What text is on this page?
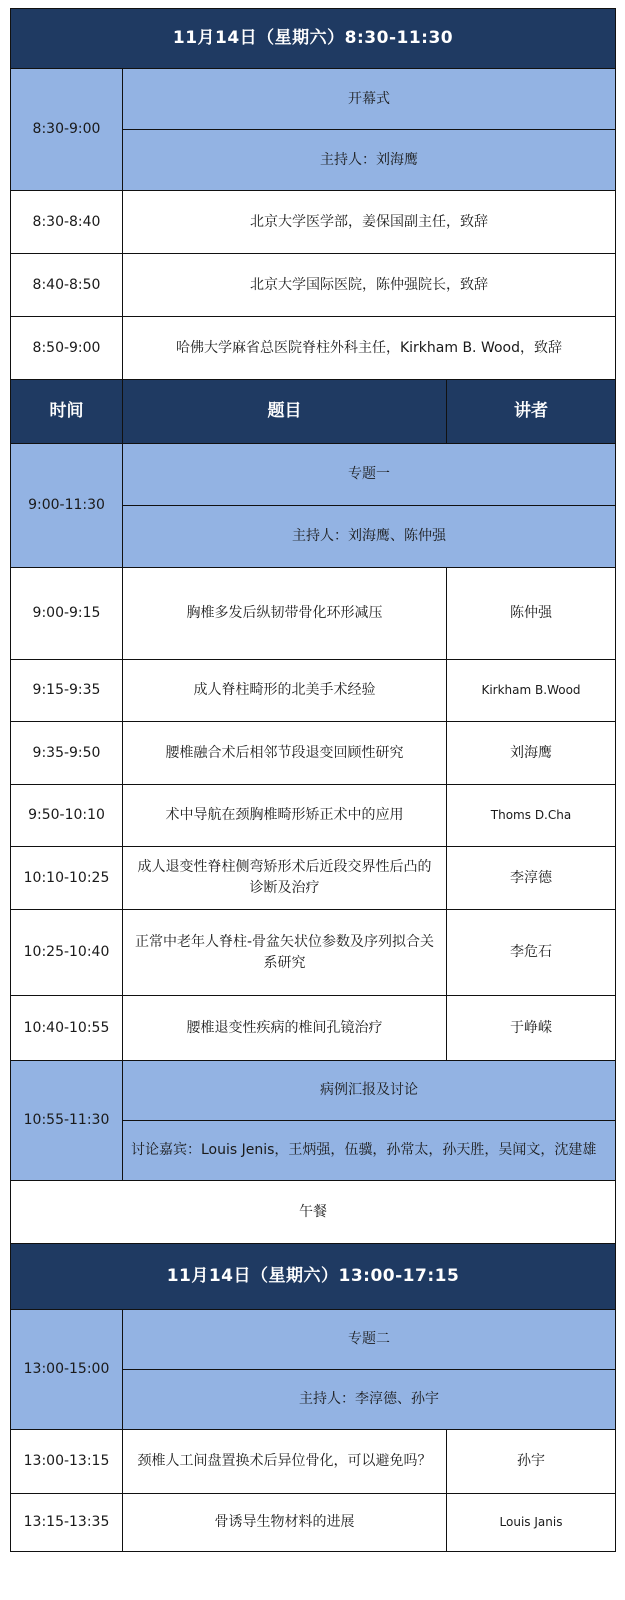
11月14日（星期六）8:30-11:30		
8:30-9:00	开幕式	
	主持人：刘海鹰	
8:30-8:40	北京大学医学部，姜保国副主任，致辞	
8:40-8:50	北京大学国际医院，陈仲强院长，致辞	
8:50-9:00	哈佛大学麻省总医院脊柱外科主任，Kirkham B. Wood，致辞	
时间	题目	讲者
9:00-11:30	专题一	
	主持人：刘海鹰、陈仲强	
9:00-9:15	胸椎多发后纵韧带骨化环形减压	陈仲强
9:15-9:35	成人脊柱畸形的北美手术经验	Kirkham B.Wood
9:35-9:50	腰椎融合术后相邻节段退变回顾性研究	刘海鹰
9:50-10:10	术中导航在颈胸椎畸形矫正术中的应用	Thoms D.Cha
10:10-10:25	成人退变性脊柱侧弯矫形术后近段交界性后凸的诊断及治疗	李淳德
10:25-10:40	正常中老年人脊柱-骨盆矢状位参数及序列拟合关系研究	李危石
10:40-10:55	腰椎退变性疾病的椎间孔镜治疗	于峥嵘
10:55-11:30	病例汇报及讨论	
	讨论嘉宾：Louis Jenis，王炳强，伍骥，孙常太，孙天胜，吴闻文，沈建雄	
午餐		
11月14日（星期六）13:00-17:15		
13:00-15:00	专题二	
	主持人：李淳德、孙宇	
13:00-13:15	颈椎人工间盘置换术后异位骨化，可以避免吗？	孙宇
13:15-13:35	骨诱导生物材料的进展	Louis Janis
